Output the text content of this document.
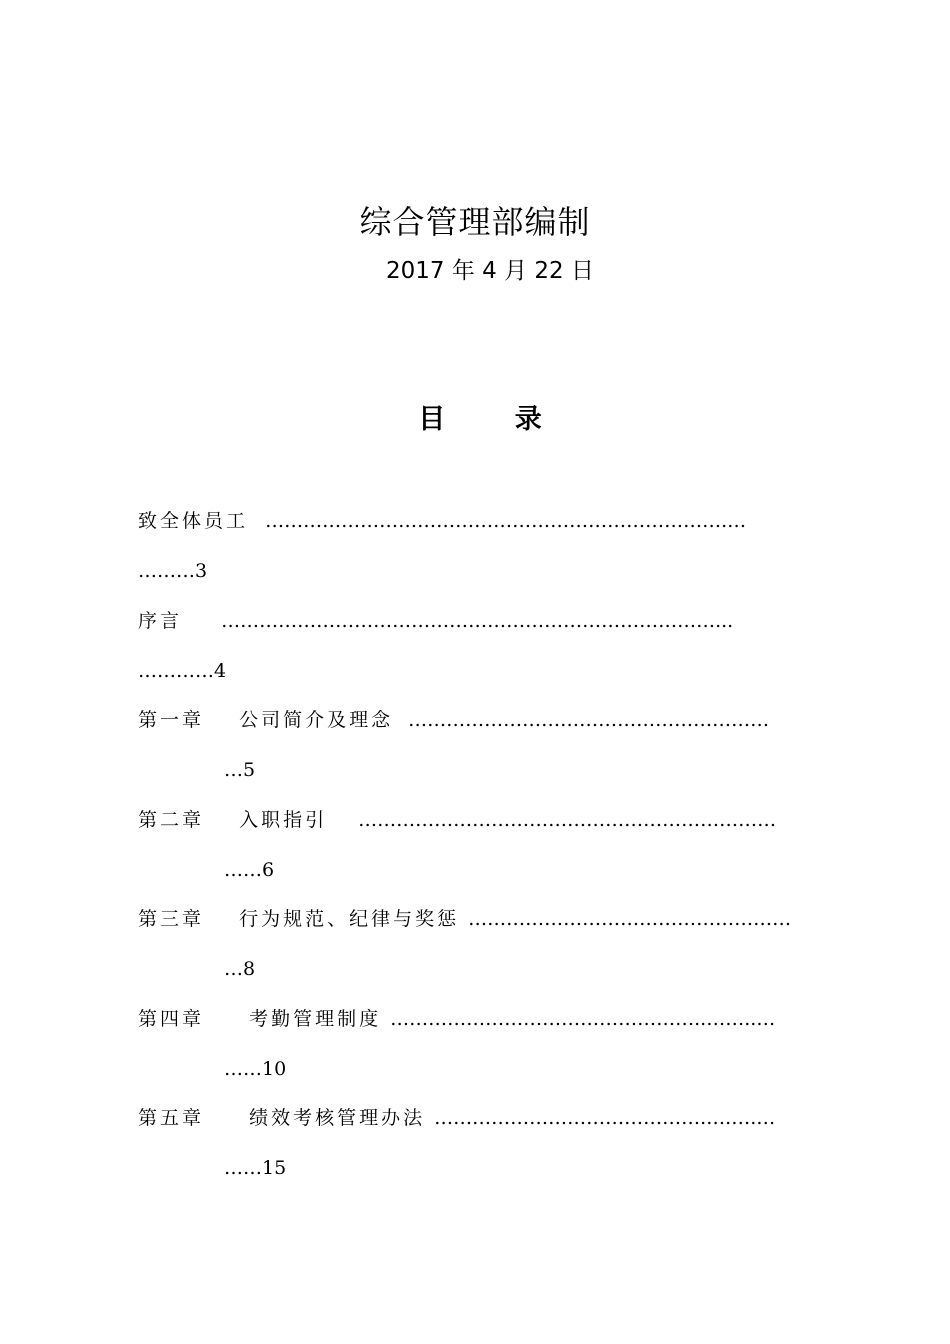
综合管理部编制
2017 年 4 月 22 日
目 录
致全体员工 ……………………………………………………………….…
………3
序言 ……………………………………………………………………...
…………4
第一章 公司简介及理念 …………………………………………………
…5
第二章 入职指引 …………………………………………………………
……6
第三章 行为规范、纪律与奖惩 ……………………………………………
…8
第四章 考勤管理制度 …………………………………………..……..…
……10
第五章 绩效考核管理办法 …………………………………….….….…
……15
